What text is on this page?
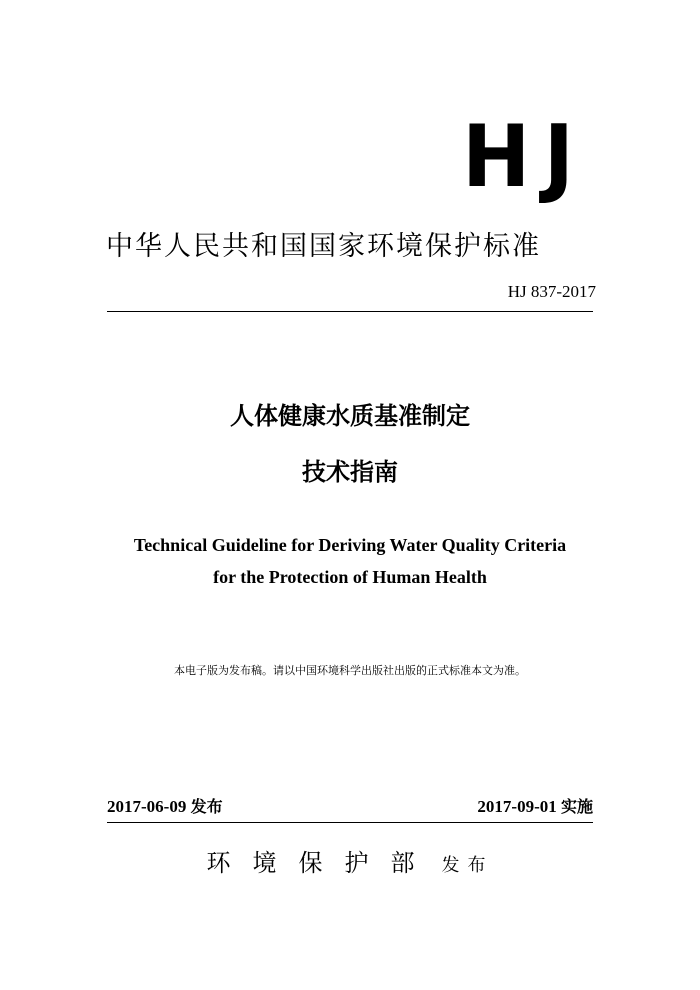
HJ
中华人民共和国国家环境保护标准
HJ 837-2017
人体健康水质基准制定
技术指南
Technical Guideline for Deriving Water Quality Criteria
for the Protection of Human Health
本电子版为发布稿。请以中国环境科学出版社出版的正式标准本文为准。
2017-06-09 发布	2017-09-01 实施
环境保护部 发布
